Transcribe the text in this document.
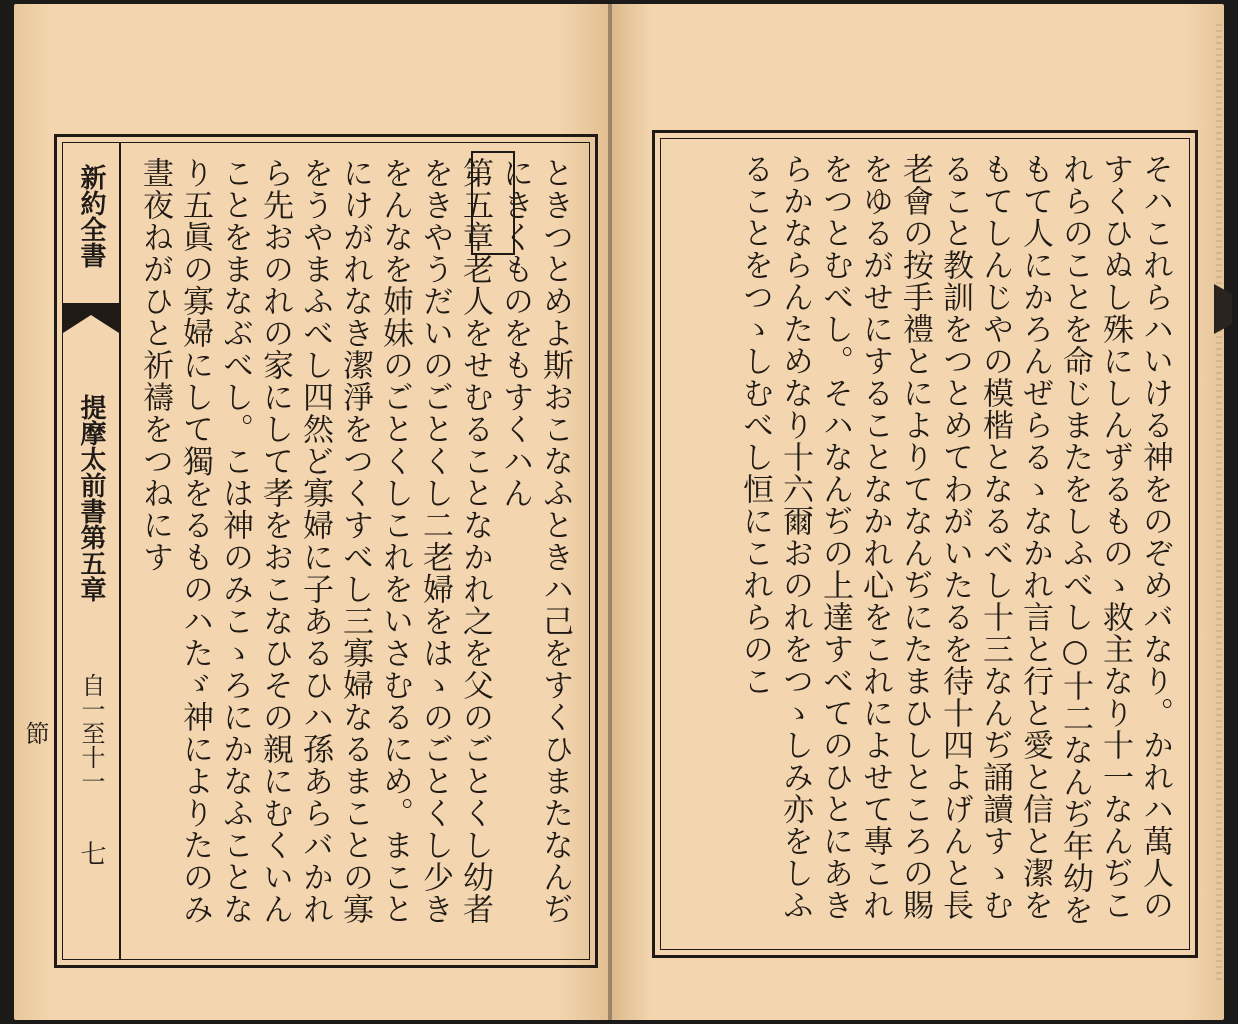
新約全書
提摩太前書第五章
自一至十一節
七	ときつとめよ斯おこなふときハ己をすくひまたなんぢにきくものをもすくハん
第五章老人をせむることなかれ之を父のごとくし幼者をきやうだいのごとくし二老婦をはゝのごとくし少きをんなを姉妹のごとくしこれをいさむるにめ。まことにけがれなき潔淨をつくすべし三寡婦なるまことの寡をうやまふべし四然ど寡婦に子あるひハ孫あらバかれら先おのれの家にして孝をおこなひその親にむくいんことをまなぶべし。こは神のみこゝろにかなふことなり五眞の寡婦にして獨をるものハたゞ神によりたのみ晝夜ねがひと祈禱をつねにす	そハこれらハいける神をのぞめバなり。かれハ萬人のすくひぬし殊にしんずるものゝ救主なり十一なんぢこれらのことを命じまたをしふべし○十二なんぢ年幼をもて人にかろんぜらるゝなかれ言と行と愛と信と潔をもてしんじやの模楷となるべし十三なんぢ誦讀すゝむること教訓をつとめてわがいたるを待十四よげんと長老會の按手禮とによりてなんぢにたまひしところの賜をゆるがせにすることなかれ心をこれによせて專これをつとむべし。そハなんぢの上達すべてのひとにあきらかならんためなり十六爾おのれをつゝしみ亦をしふることをつゝしむべし恒にこれらのこ
